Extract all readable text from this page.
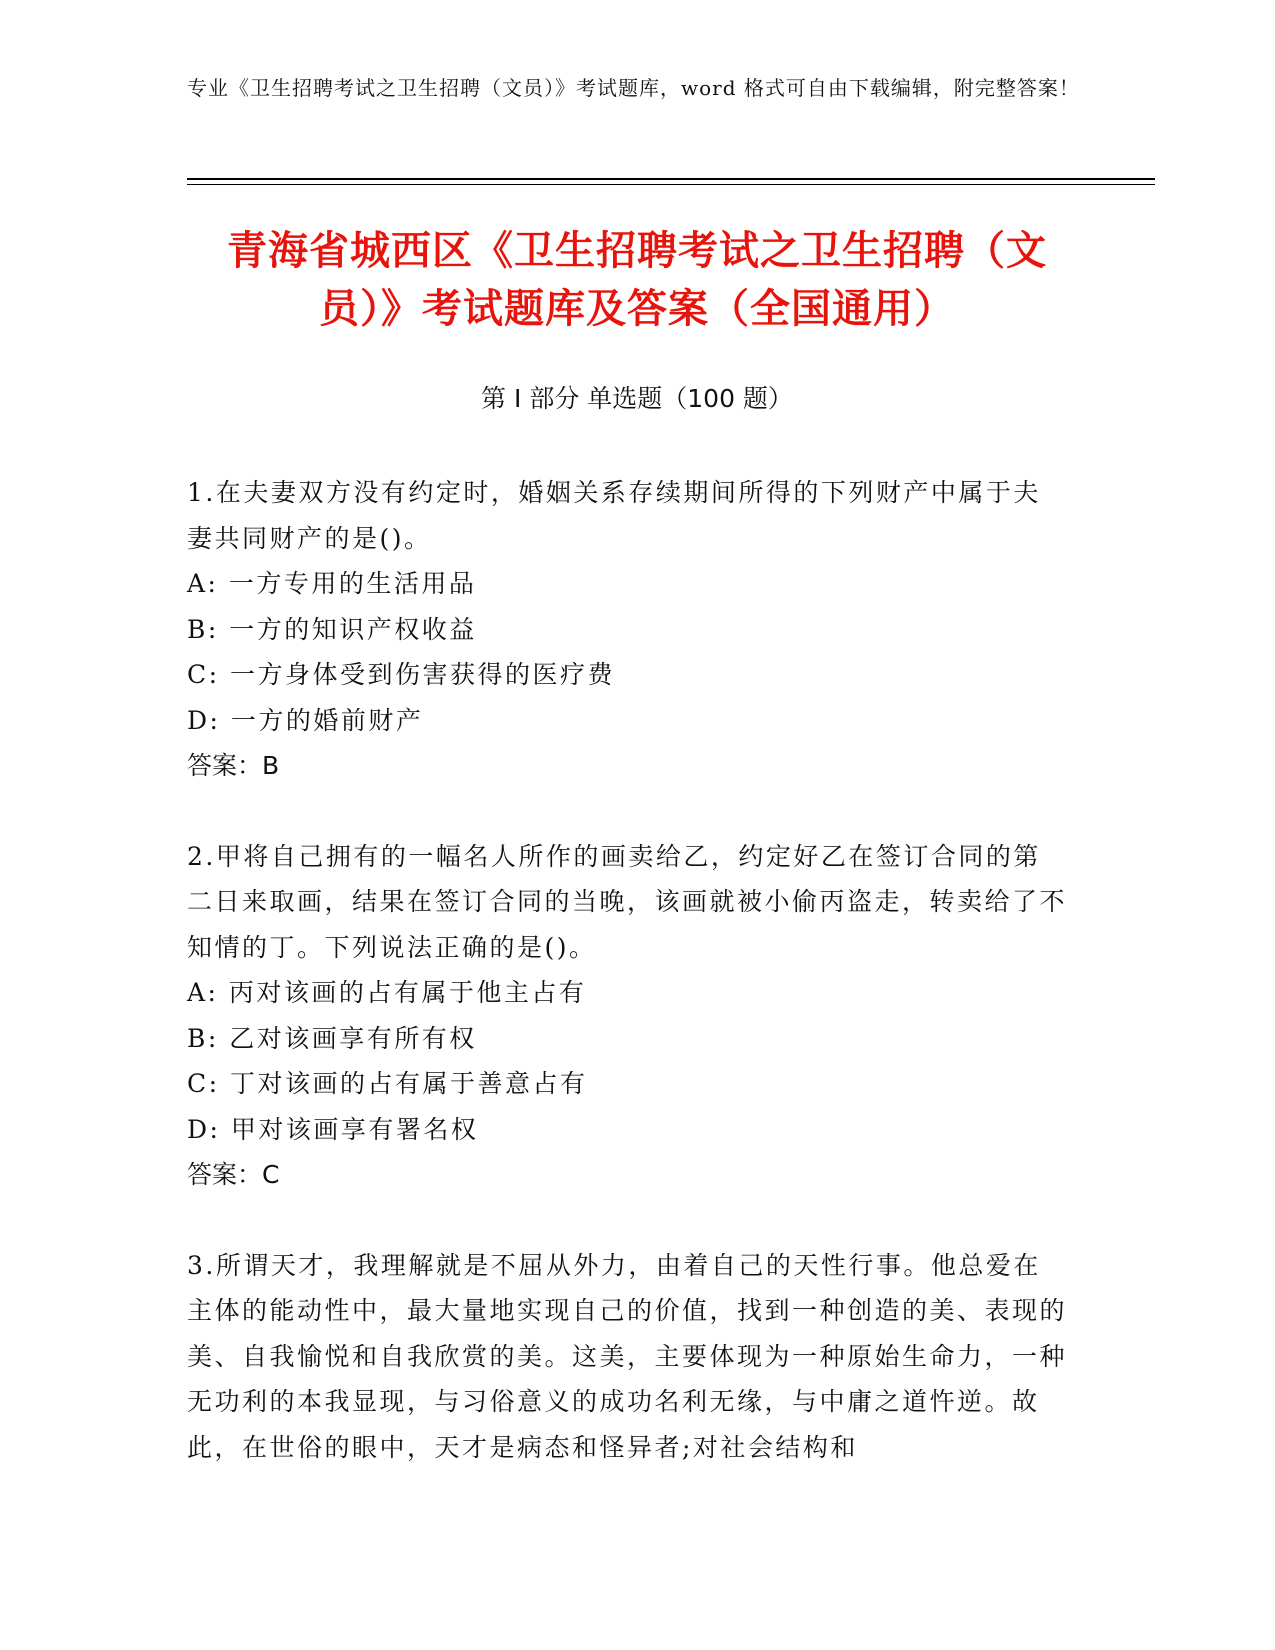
专业《卫生招聘考试之卫生招聘（文员）》考试题库，word 格式可自由下载编辑，附完整答案！
青海省城西区《卫生招聘考试之卫生招聘（文员）》考试题库及答案（全国通用）
第 I 部分 单选题（100 题）
1.在夫妻双方没有约定时，婚姻关系存续期间所得的下列财产中属于夫妻共同财产的是()。
A: 一方专用的生活用品
B: 一方的知识产权收益
C: 一方身体受到伤害获得的医疗费
D: 一方的婚前财产
答案：B
2.甲将自己拥有的一幅名人所作的画卖给乙，约定好乙在签订合同的第二日来取画，结果在签订合同的当晚，该画就被小偷丙盗走，转卖给了不知情的丁。下列说法正确的是()。
A: 丙对该画的占有属于他主占有
B: 乙对该画享有所有权
C: 丁对该画的占有属于善意占有
D: 甲对该画享有署名权
答案：C
3.所谓天才，我理解就是不屈从外力，由着自己的天性行事。他总爱在主体的能动性中，最大量地实现自己的价值，找到一种创造的美、表现的美、自我愉悦和自我欣赏的美。这美，主要体现为一种原始生命力，一种无功利的本我显现，与习俗意义的成功名利无缘，与中庸之道忤逆。故此，在世俗的眼中，天才是病态和怪异者;对社会结构和
